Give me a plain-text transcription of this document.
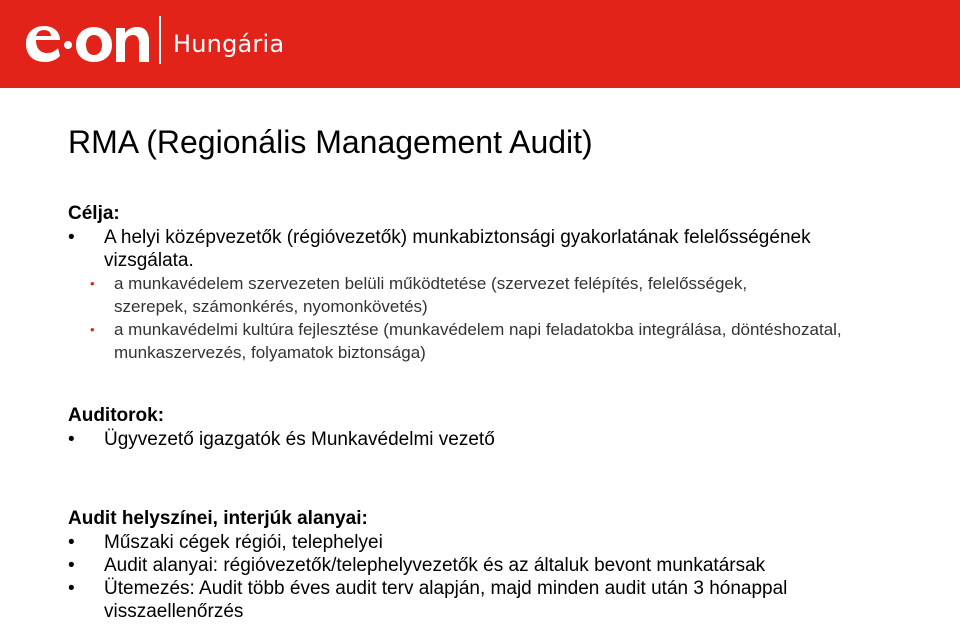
Hungária
RMA (Regionális Management Audit)

Célja:

• A helyi középvezetők (régióvezetők) munkabiztonsági gyakorlatának felelősségének vizsgálata.

• a munkavédelem szervezeten belüli működtetése (szervezet felépítés, felelősségek, szerepek, számonkérés, nyomonkövetés)
• a munkavédelmi kultúra fejlesztése (munkavédelem napi feladatokba integrálása, döntéshozatal, munkaszervezés, folyamatok biztonsága)

Auditorok:

• Ügyvezető igazgatók és Munkavédelmi vezető

Audit helyszínei, interjúk alanyai:

• Műszaki cégek régiói, telephelyei

• Audit alanyai: régióvezetők/telephelyvezetők és az általuk bevont munkatársak

• Ütemezés: Audit több éves audit terv alapján, majd minden audit után 3 hónappal visszaellenőrzés
